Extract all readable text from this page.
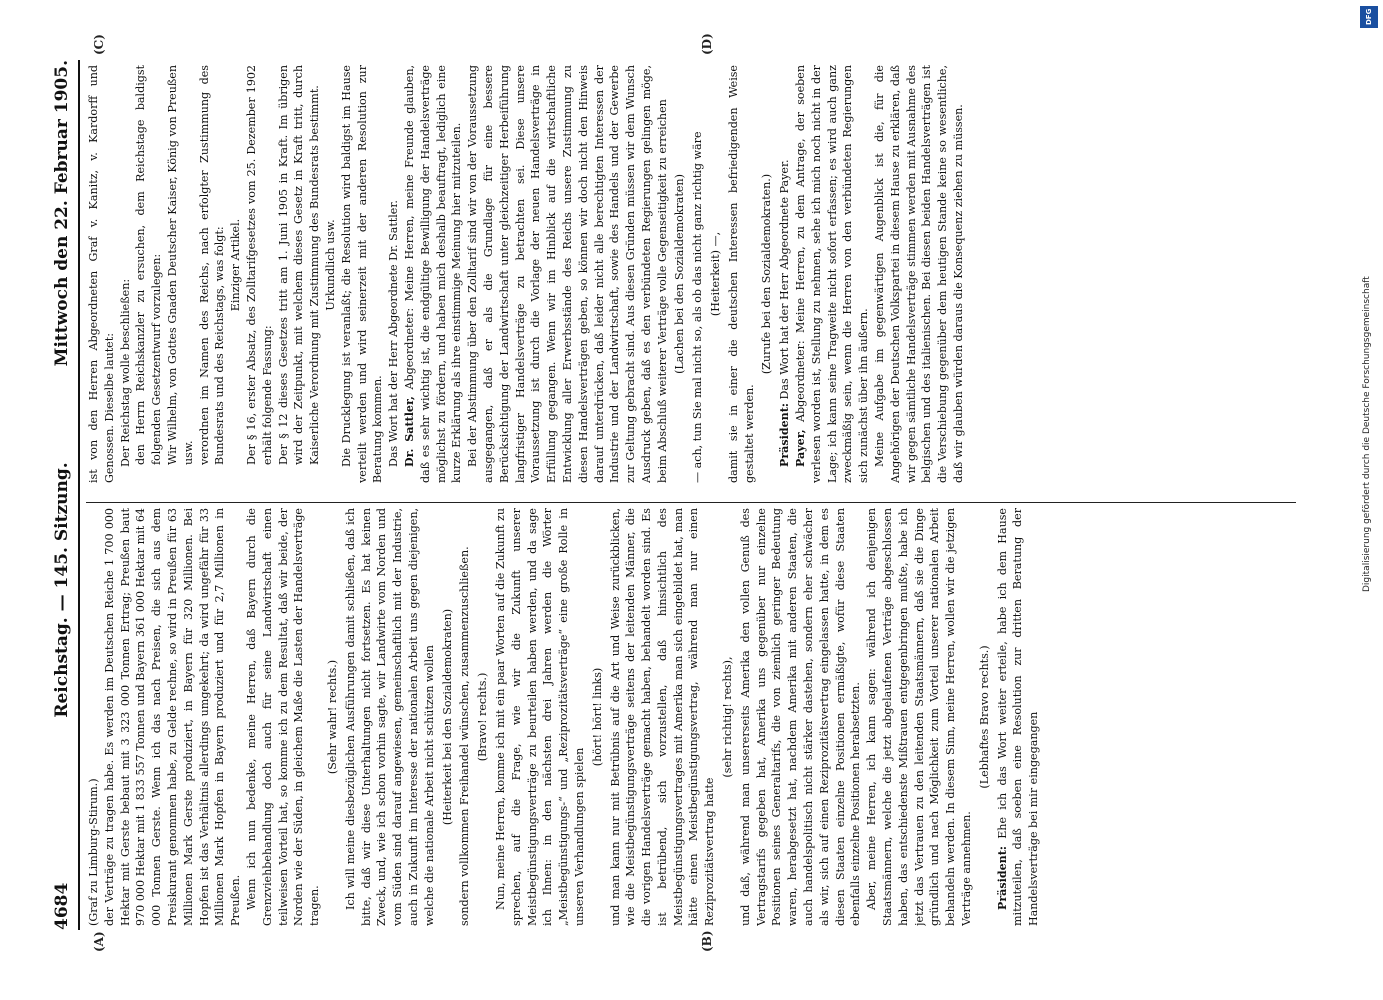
4684
Reichstag. — 145. Sitzung.
Mittwoch den 22. Februar 1905.
(A)	(B)
(C)	(D)

(Graf zu Limburg-Stirum.) der Verträge zu tragen habe. Es werden im Deutschen Reiche 1 700 000 Hektar mit Gerste bebaut mit 3 323 000 Tonnen Ertrag; Preußen baut 970 000 Hektar mit 1 833 557 Tonnen und Bayern 361 000 Hektar mit 64 000 Tonnen Gerste. Wenn ich das nach Preisen, die sich aus dem Preiskurant genommen habe, zu Gelde rechne, so wird in Preußen für 63 Millionen Mark Gerste produziert, in Bayern für 320 Millionen. Bei Hopfen ist das Verhältnis allerdings umgekehrt; da wird ungefähr für 33 Millionen Mark Hopfen in Bayern produziert und für 2,7 Millionen in Preußen. Wenn ich nun bedenke, meine Herren, daß Bayern durch die Grenzviehbehandlung doch auch für seine Landwirtschaft einen teilweisen Vorteil hat, so komme ich zu dem Resultat, daß wir beide, der Norden wie der Süden, in gleichem Maße die Lasten der Handelsverträge tragen.

(Sehr wahr! rechts.) Ich will meine diesbezüglichen Ausführungen damit schließen, daß ich bitte, daß wir diese Unterhaltungen nicht fortsetzen. Es hat keinen Zweck, und, wie ich schon vorhin sagte, wir Landwirte vom Norden und vom Süden sind darauf angewiesen, gemeinschaftlich mit der Industrie, auch in Zukunft im Interesse der nationalen Arbeit uns gegen diejenigen, welche die nationale Arbeit nicht schützen wollen (Heiterkeit bei den Sozialdemokraten) sondern vollkommen Freihandel wünschen, zusammenzuschließen. (Bravo! rechts.) Nun, meine Herren, komme ich mit ein paar Worten auf die Zukunft zu sprechen, auf die Frage, wie wir die Zukunft unserer Meistbegünstigungsverträge zu beurteilen haben werden, und da sage ich Ihnen: in den nächsten drei Jahren werden die Wörter „Meistbegünstigungs-“ und „Reziprozitätsverträge“ eine große Rolle in unseren Verhandlungen spielen

(hört! hört! links) und man kann nur mit Betrübnis auf die Art und Weise zurückblicken, wie die Meistbegünstigungsverträge seitens der leitenden Männer, die die vorigen Handelsverträge gemacht haben, behandelt worden sind. Es ist betrübend, sich vorzustellen, daß hinsichtlich des Meistbegünstigungsvertrages mit Amerika man sich eingebildet hat, man hätte einen Meistbegünstigungsvertrag, während man nur einen Reziprozitätsvertrag hatte

(sehr richtig! rechts), und daß, während man unsererseits Amerika den vollen Genuß des Vertragstarifs gegeben hat, Amerika uns gegenüber nur einzelne Positionen seines Generaltarifs, die von ziemlich geringer Bedeutung waren, herabgesetzt hat, nachdem Amerika mit anderen Staaten, die auch handelspolitisch nicht stärker dastehen, sondern eher schwächer als wir, sich auf einen Reziprozitätsvertrag eingelassen hatte, in dem es diesen Staaten einzelne Positionen ermäßigte, wofür diese Staaten ebenfalls einzelne Positionen herabsetzten. Aber, meine Herren, ich kann sagen: während ich denjenigen Staatsmännern, welche die jetzt abgelaufenen Verträge abgeschlossen haben, das entschiedenste Mißtrauen entgegenbringen mußte, habe ich jetzt das Vertrauen zu den leitenden Staatsmännern, daß sie die Dinge gründlich und nach Möglichkeit zum Vorteil unserer nationalen Arbeit behandeln werden. In diesem Sinn, meine Herren, wollen wir die jetzigen Verträge annehmen.

(Lebhaftes Bravo rechts.)

Präsident: Ehe ich das Wort weiter erteile, habe ich dem Hause mitzuteilen, daß soeben eine Resolution zur dritten Beratung der Handelsverträge bei mir eingegangen

ist von den Herren Abgeordneten Graf v. Kanitz, v. Kardorff und Genossen. Dieselbe lautet: Der Reichstag wolle beschließen: den Herrn Reichskanzler zu ersuchen, dem Reichstage baldigst folgenden Gesetzentwurf vorzulegen: Wir Wilhelm, von Gottes Gnaden Deutscher Kaiser, König von Preußen usw. verordnen im Namen des Reichs, nach erfolgter Zustimmung des Bundesrats und des Reichstags, was folgt: Einziger Artikel. Der § 16, erster Absatz, des Zolltarifgesetzes vom 25. Dezember 1902 erhält folgende Fassung: Der § 12 dieses Gesetzes tritt am 1. Juni 1905 in Kraft. Im übrigen wird der Zeitpunkt, mit welchem dieses Gesetz in Kraft tritt, durch Kaiserliche Verordnung mit Zustimmung des Bundesrats bestimmt. Urkundlich usw. Die Drucklegung ist veranlaßt; die Resolution wird baldigst im Hause verteilt werden und wird seinerzeit mit der anderen Resolution zur Beratung kommen. Das Wort hat der Herr Abgeordnete Dr. Sattler. Dr. Sattler, Abgeordneter: Meine Herren, meine Freunde glauben, daß es sehr wichtig ist, die endgültige Bewilligung der Handelsverträge möglichst zu fördern, und haben mich deshalb beauftragt, lediglich eine kurze Erklärung als ihre einstimmige Meinung hier mitzuteilen. Bei der Abstimmung über den Zolltarif sind wir von der Voraussetzung ausgegangen, daß er als die Grundlage für eine bessere Berücksichtigung der Landwirtschaft unter gleichzeitiger Herbeiführung langfristiger Handelsverträge zu betrachten sei. Diese unsere Voraussetzung ist durch die Vorlage der neuen Handelsverträge in Erfüllung gegangen. Wenn wir im Hinblick auf die wirtschaftliche Entwicklung aller Erwerbsstände des Reichs unsere Zustimmung zu diesen Handelsverträgen geben, so können wir doch nicht den Hinweis darauf unterdrücken, daß leider nicht alle berechtigten Interessen der Industrie und der Landwirtschaft, sowie des Handels und der Gewerbe zur Geltung gebracht sind. Aus diesen Gründen müssen wir dem Wunsch Ausdruck geben, daß es den verbündeten Regierungen gelingen möge, beim Abschluß weiterer Verträge volle Gegenseitigkeit zu erreichen (Lachen bei den Sozialdemokraten) — ach, tun Sie mal nicht so, als ob das nicht ganz richtig wäre (Heiterkeit) —, damit sie in einer die deutschen Interessen befriedigenden Weise gestaltet werden.

(Zurufe bei den Sozialdemokraten.)

Präsident: Das Wort hat der Herr Abgeordnete Payer.

Payer, Abgeordneter: Meine Herren, zu dem Antrage, der soeben verlesen worden ist, Stellung zu nehmen, sehe ich mich noch nicht in der Lage; ich kann seine Tragweite nicht sofort erfassen; es wird auch ganz zweckmäßig sein, wenn die Herren von den verbündeten Regierungen sich zunächst über ihn äußern. Meine Aufgabe im gegenwärtigen Augenblick ist die, für die Angehörigen der Deutschen Volkspartei in diesem Hause zu erklären, daß wir gegen sämtliche Handelsverträge stimmen werden mit Ausnahme des belgischen und des italienischen. Bei diesen beiden Handelsverträgen ist die Verschiebung gegenüber dem heutigen Stande keine so wesentliche, daß wir glauben würden daraus die Konsequenz ziehen zu müssen.

DFG
Digitalisierung gefördert durch die Deutsche Forschungsgemeinschaft
